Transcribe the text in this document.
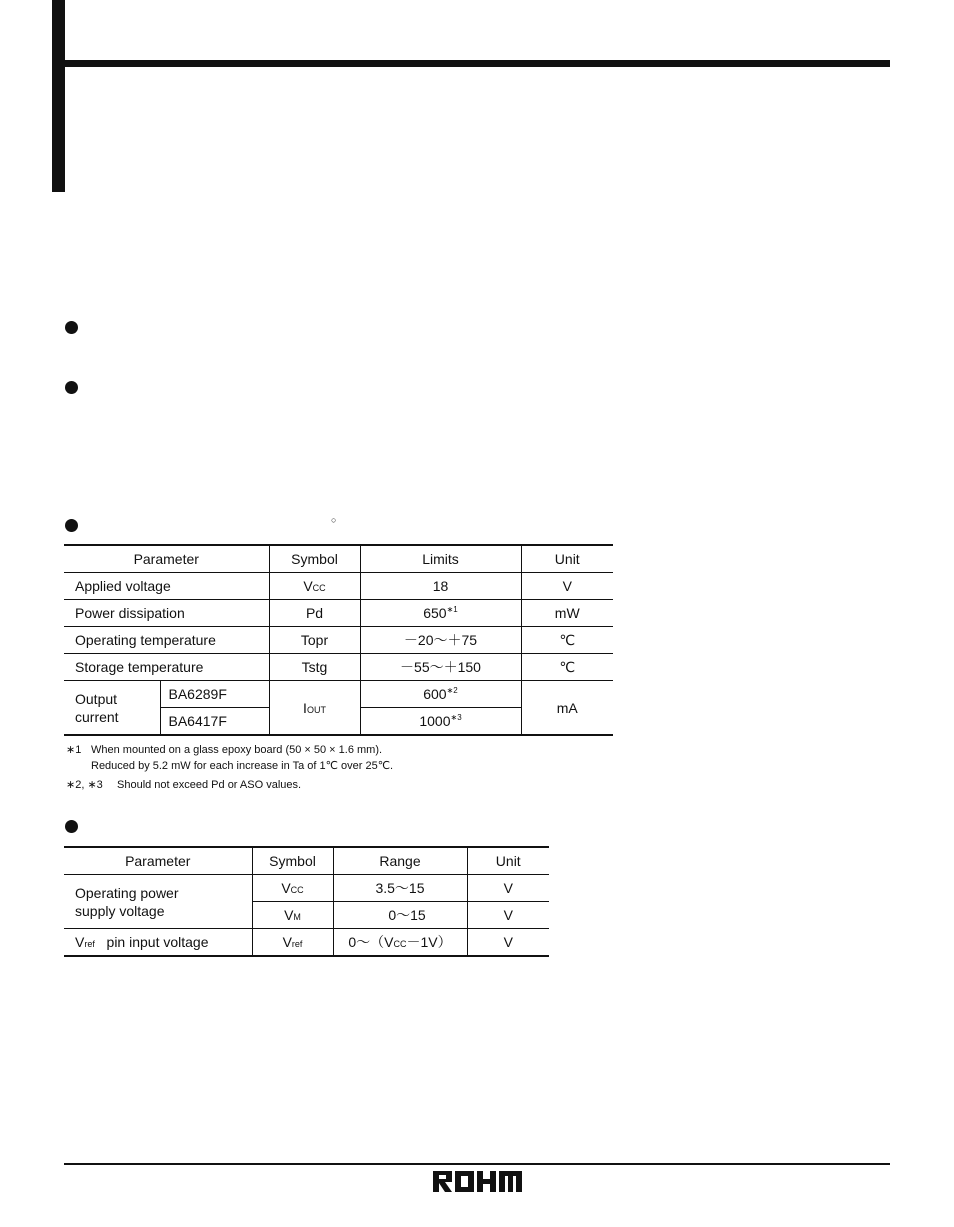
○
Parameter		Symbol	Limits	Unit
Applied voltage		VCC	18	V
Power dissipation		Pd	$650^{∗1}$	mW
Operating temperature		Topr	－20～＋75	℃
Storage temperature		Tstg	－55～＋150	℃
Output
current	BA6289F	IOUT	$600^{∗2}$	mA
	BA6417F		$1000^{∗3}$
∗1 When mounted on a glass epoxy board (50 × 50 × 1.6 mm).
Reduced by 5.2 mW for each increase in Ta of 1℃ over 25℃.
∗2, ∗3 Should not exceed Pd or ASO values.
Parameter	Symbol	Range	Unit
Operating power
supply voltage	VCC	3.5～15	V
	VM	0～15	V
Vref pin input voltage	Vref	0～（VCC－1V）	V
